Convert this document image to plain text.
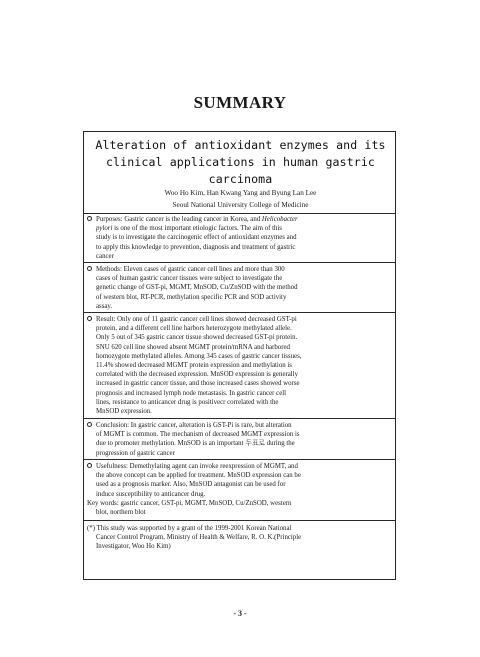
SUMMARY
Alteration of antioxidant enzymes and its
clinical applications in human gastric
carcinoma
Woo Ho Kim, Han Kwang Yang and Byung Lan Lee
Seoul National University College of Medicine
Purposes: Gastric cancer is the leading cancer in Korea, and Helicobacter
pylori is one of the most important etiologic factors. The aim of this
study is to investigate the carcinogenic effect of antioxidant enzymes and
to apply this knowledge to prevention, diagnosis and treatment of gastric
cancer
Methods: Eleven cases of gastric cancer cell lines and more than 300
cases of human gastric cancer tissues were subject to investigate the
genetic change of GST-pi, MGMT, MnSOD, Cu/ZnSOD with the method
of western blot, RT-PCR, methylation specific PCR and SOD activity
assay.
Result: Only one of 11 gastric cancer cell lines showed decreased GST-pi
protein, and a different cell line harbors heterozygote methylated allele.
Only 5 out of 345 gastric cancer tissue showed decreased GST-pi protein.
SNU 620 cell line showed absent MGMT protein/mRNA and harbored
homozygote methylated alleles. Among 345 cases of gastric cancer tissues,
11.4% showed decreased MGMT protein expression and methylation is
correlated with the decreased expression. MnSOD expression is generally
increased in gastric cancer tissue, and those increased cases showed worse
prognosis and increased lymph node metastasis. In gastric cancer cell
lines, resistance to anticancer drug is positivecr correlated with the
MnSOD expression.
Conclusion: In gastric cancer, alteration is GST-Pi is rare, but alteration
of MGMT is common. The mechanism of decreased MGMT expression is
due to promoter methylation. MnSOD is an important 두표로 during the
progression of gastric cancer
Usefulness: Demethylating agent can invoke reexpression of MGMT, and
the above concept can be applied for treatment. MnSOD expression can be
used as a prognosis marker. Also, MnSOD antagonist can be used for
induce susceptibility to anticancer drug.
Key words: gastric cancer, GST-pi, MGMT, MnSOD, Cu/ZnSOD, western
blot, northern blot
(*) This study was supported by a grant of the 1999-2001 Korean National
Cancer Control Program, Ministry of Health & Welfare, R. O. K.(Principle
Investigator, Woo Ho Kim)
- 3 -
